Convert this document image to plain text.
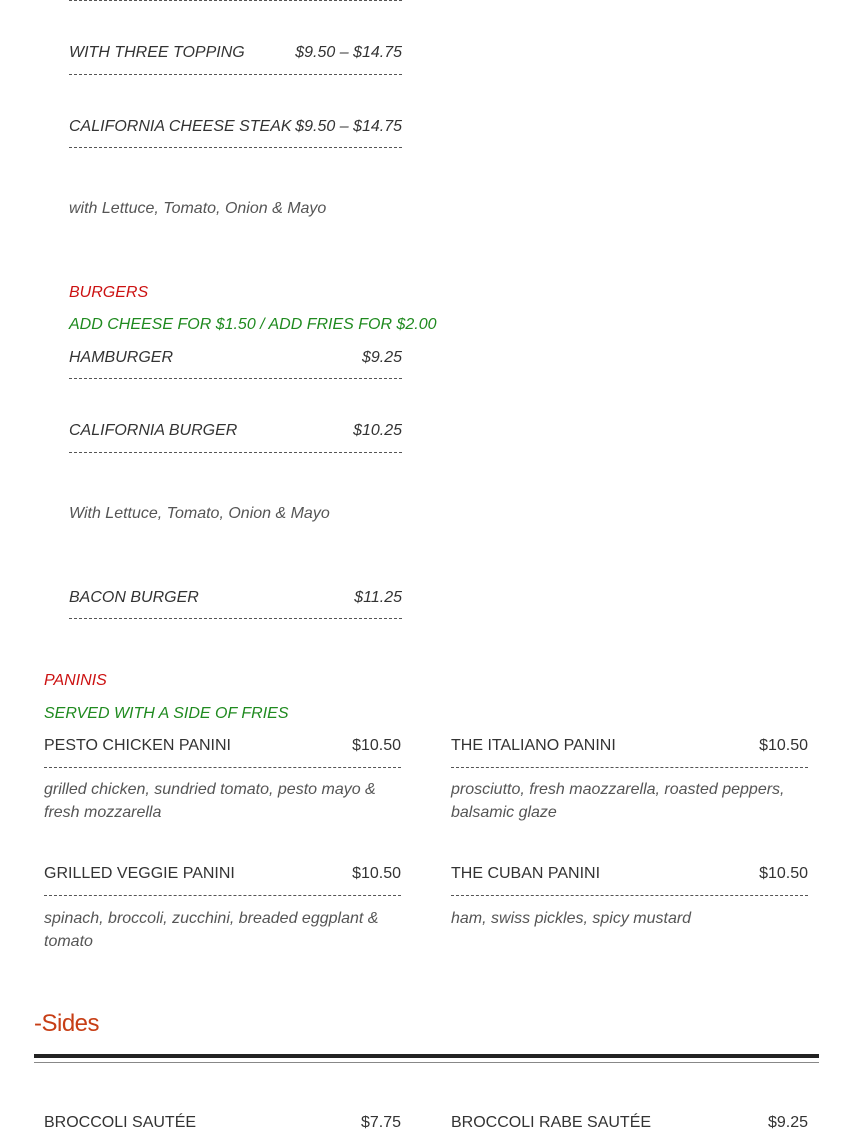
WITH THREE TOPPING	$9.50 – $14.75
CALIFORNIA CHEESE STEAK $9.50 – $14.75
with Lettuce, Tomato, Onion & Mayo
BURGERS
ADD CHEESE FOR $1.50 / ADD FRIES FOR $2.00
HAMBURGER	$9.25
CALIFORNIA BURGER	$10.25
With Lettuce, Tomato, Onion & Mayo
BACON BURGER	$11.25
PANINIS
SERVED WITH A SIDE OF FRIES
PESTO CHICKEN PANINI	$10.50
grilled chicken, sundried tomato, pesto mayo & fresh mozzarella
THE ITALIANO PANINI	$10.50
prosciutto, fresh maozzarella, roasted peppers, balsamic glaze
GRILLED VEGGIE PANINI	$10.50
spinach, broccoli, zucchini, breaded eggplant & tomato
THE CUBAN PANINI	$10.50
ham, swiss pickles, spicy mustard
-Sides
BROCCOLI SAUTÉE	$7.75	BROCCOLI RABE SAUTÉE	$9.25
